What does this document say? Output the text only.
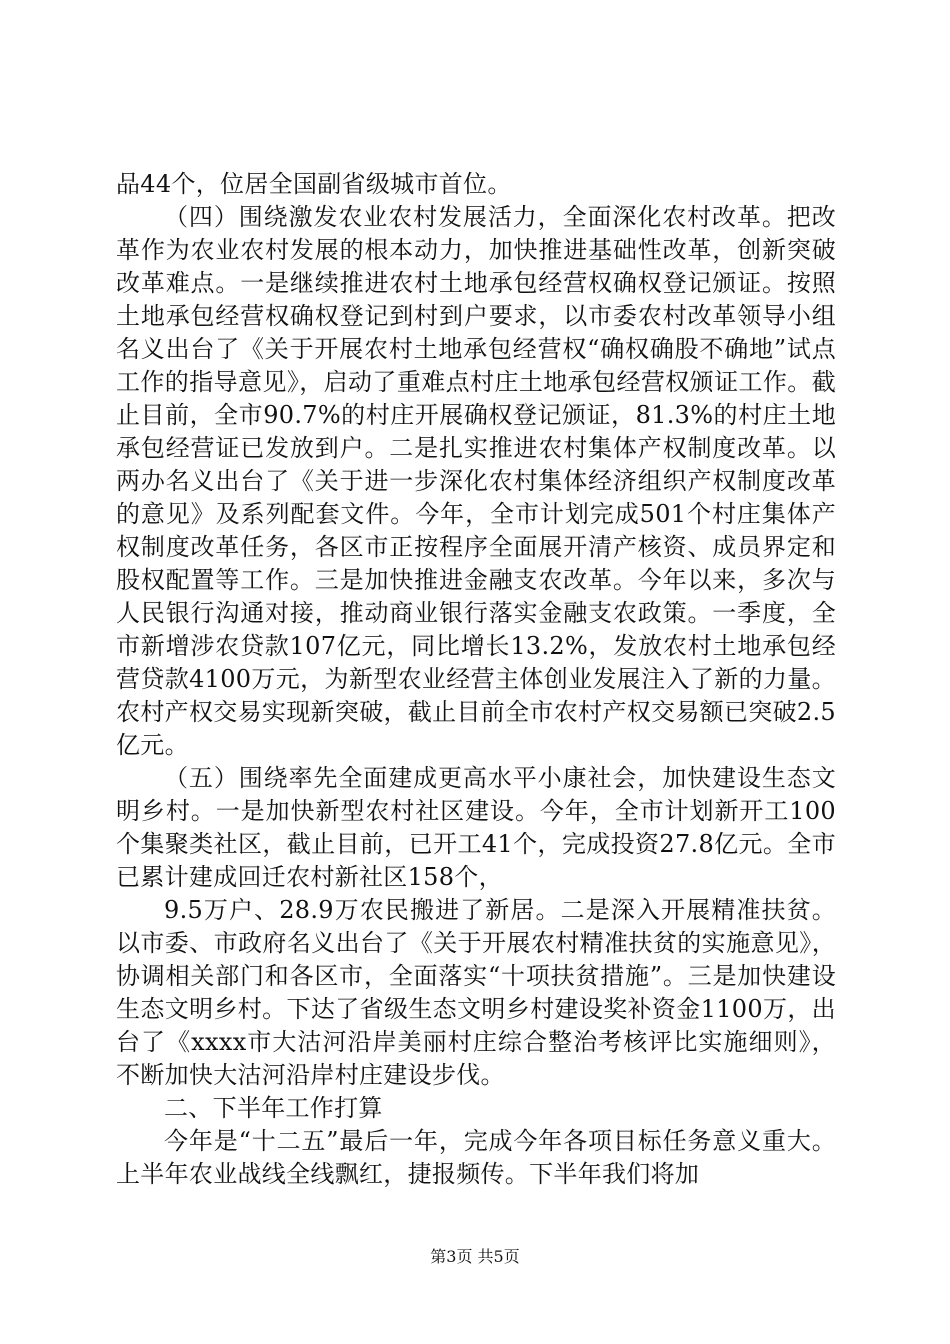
品44个，位居全国副省级城市首位。

（四）围绕激发农业农村发展活力，全面深化农村改革。把改革作为农业农村发展的根本动力，加快推进基础性改革，创新突破改革难点。一是继续推进农村土地承包经营权确权登记颁证。按照土地承包经营权确权登记到村到户要求，以市委农村改革领导小组名义出台了《关于开展农村土地承包经营权“确权确股不确地”试点工作的指导意见》，启动了重难点村庄土地承包经营权颁证工作。截止目前，全市90.7%的村庄开展确权登记颁证，81.3%的村庄土地承包经营证已发放到户。二是扎实推进农村集体产权制度改革。以两办名义出台了《关于进一步深化农村集体经济组织产权制度改革的意见》及系列配套文件。今年，全市计划完成501个村庄集体产权制度改革任务，各区市正按程序全面展开清产核资、成员界定和股权配置等工作。三是加快推进金融支农改革。今年以来，多次与人民银行沟通对接，推动商业银行落实金融支农政策。一季度，全市新增涉农贷款107亿元，同比增长13.2%，发放农村土地承包经营贷款4100万元，为新型农业经营主体创业发展注入了新的力量。农村产权交易实现新突破，截止目前全市农村产权交易额已突破2.5亿元。

（五）围绕率先全面建成更高水平小康社会，加快建设生态文明乡村。一是加快新型农村社区建设。今年，全市计划新开工100个集聚类社区，截止目前，已开工41个，完成投资27.8亿元。全市已累计建成回迁农村新社区158个，

9.5万户、28.9万农民搬进了新居。二是深入开展精准扶贫。以市委、市政府名义出台了《关于开展农村精准扶贫的实施意见》，协调相关部门和各区市，全面落实“十项扶贫措施”。三是加快建设生态文明乡村。下达了省级生态文明乡村建设奖补资金1100万，出台了《xxxx市大沽河沿岸美丽村庄综合整治考核评比实施细则》，不断加快大沽河沿岸村庄建设步伐。

二、下半年工作打算

今年是“十二五”最后一年，完成今年各项目标任务意义重大。上半年农业战线全线飘红，捷报频传。下半年我们将加

第3页 共5页
